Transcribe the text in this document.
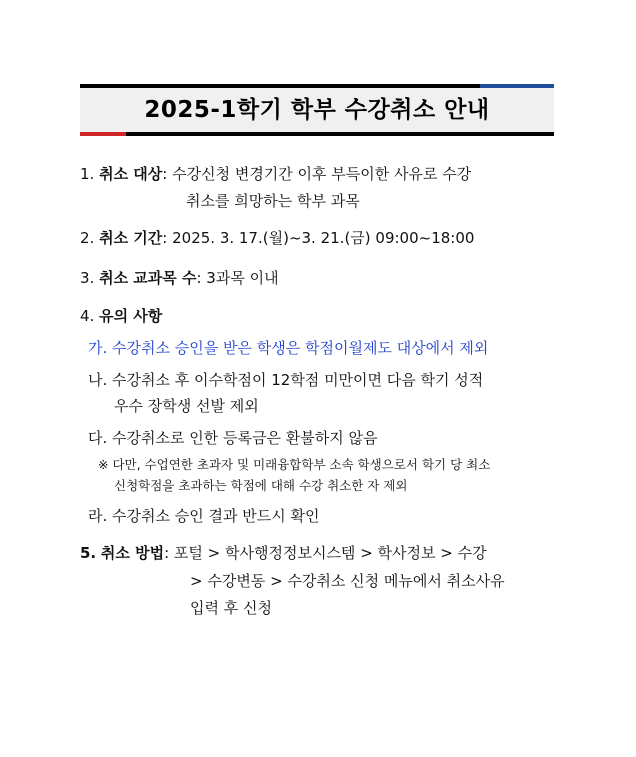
2025-1학기 학부 수강취소 안내
1. 취소 대상: 수강신청 변경기간 이후 부득이한 사유로 수강
취소를 희망하는 학부 과목
2. 취소 기간: 2025. 3. 17.(월)~3. 21.(금) 09:00~18:00
3. 취소 교과목 수: 3과목 이내
4. 유의 사항
가. 수강취소 승인을 받은 학생은 학점이월제도 대상에서 제외
나. 수강취소 후 이수학점이 12학점 미만이면 다음 학기 성적
우수 장학생 선발 제외
다. 수강취소로 인한 등록금은 환불하지 않음
※ 다만, 수업연한 초과자 및 미래융합학부 소속 학생으로서 학기 당 최소
신청학점을 초과하는 학점에 대해 수강 취소한 자 제외
라. 수강취소 승인 결과 반드시 확인
5. 취소 방법: 포털 > 학사행정정보시스템 > 학사정보 > 수강
> 수강변동 > 수강취소 신청 메뉴에서 취소사유
입력 후 신청
